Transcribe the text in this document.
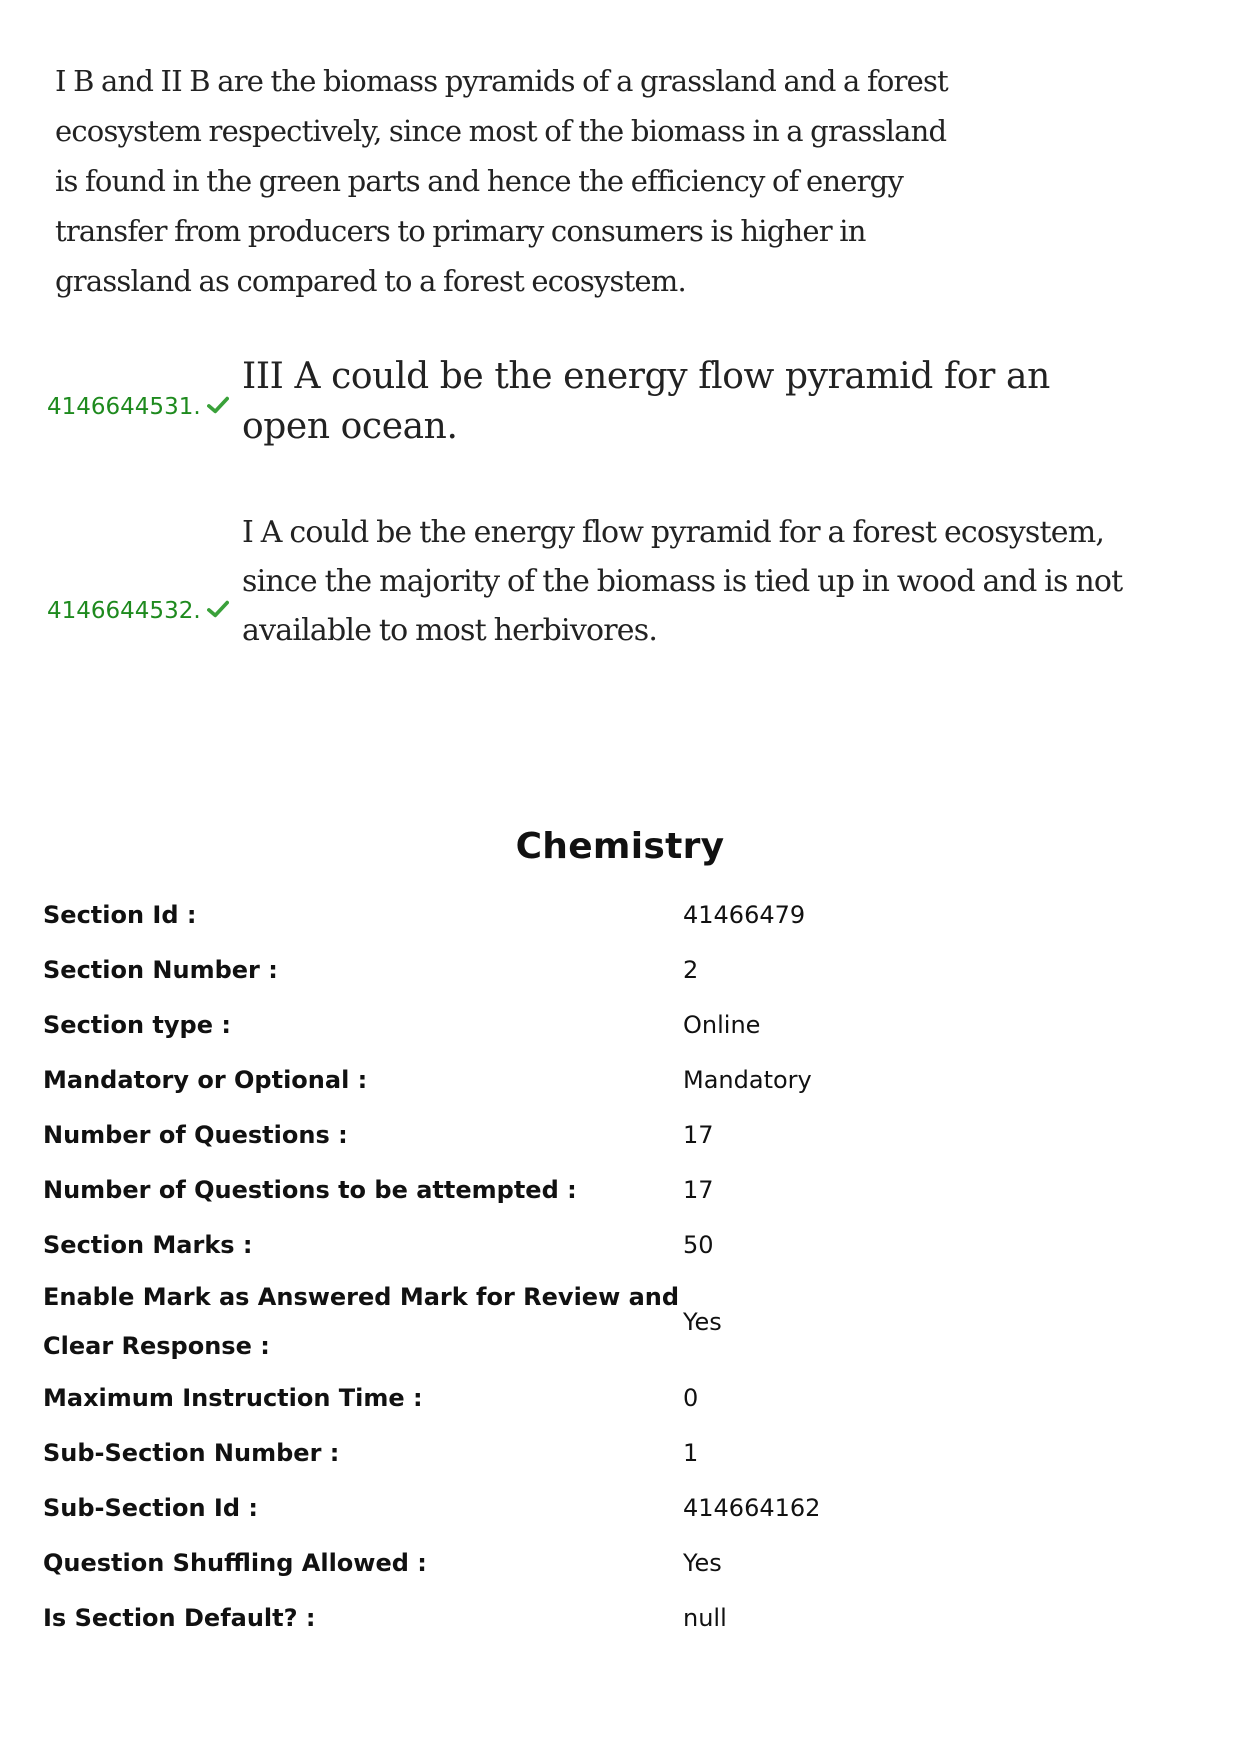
I B and II B are the biomass pyramids of a grassland and a forest ecosystem respectively, since most of the biomass in a grassland is found in the green parts and hence the efficiency of energy transfer from producers to primary consumers is higher in grassland as compared to a forest ecosystem.
4146644531.
III A could be the energy flow pyramid for an open ocean.
4146644532.
I A could be the energy flow pyramid for a forest ecosystem, since the majority of the biomass is tied up in wood and is not available to most herbivores.
Chemistry
Section Id :	41466479
Section Number :	2
Section type :	Online
Mandatory or Optional :	Mandatory
Number of Questions :	17
Number of Questions to be attempted :	17
Section Marks :	50
Enable Mark as Answered Mark for Review and Clear Response :
Yes
Maximum Instruction Time :	0
Sub-Section Number :	1
Sub-Section Id :	414664162
Question Shuffling Allowed :	Yes
Is Section Default? :	null
